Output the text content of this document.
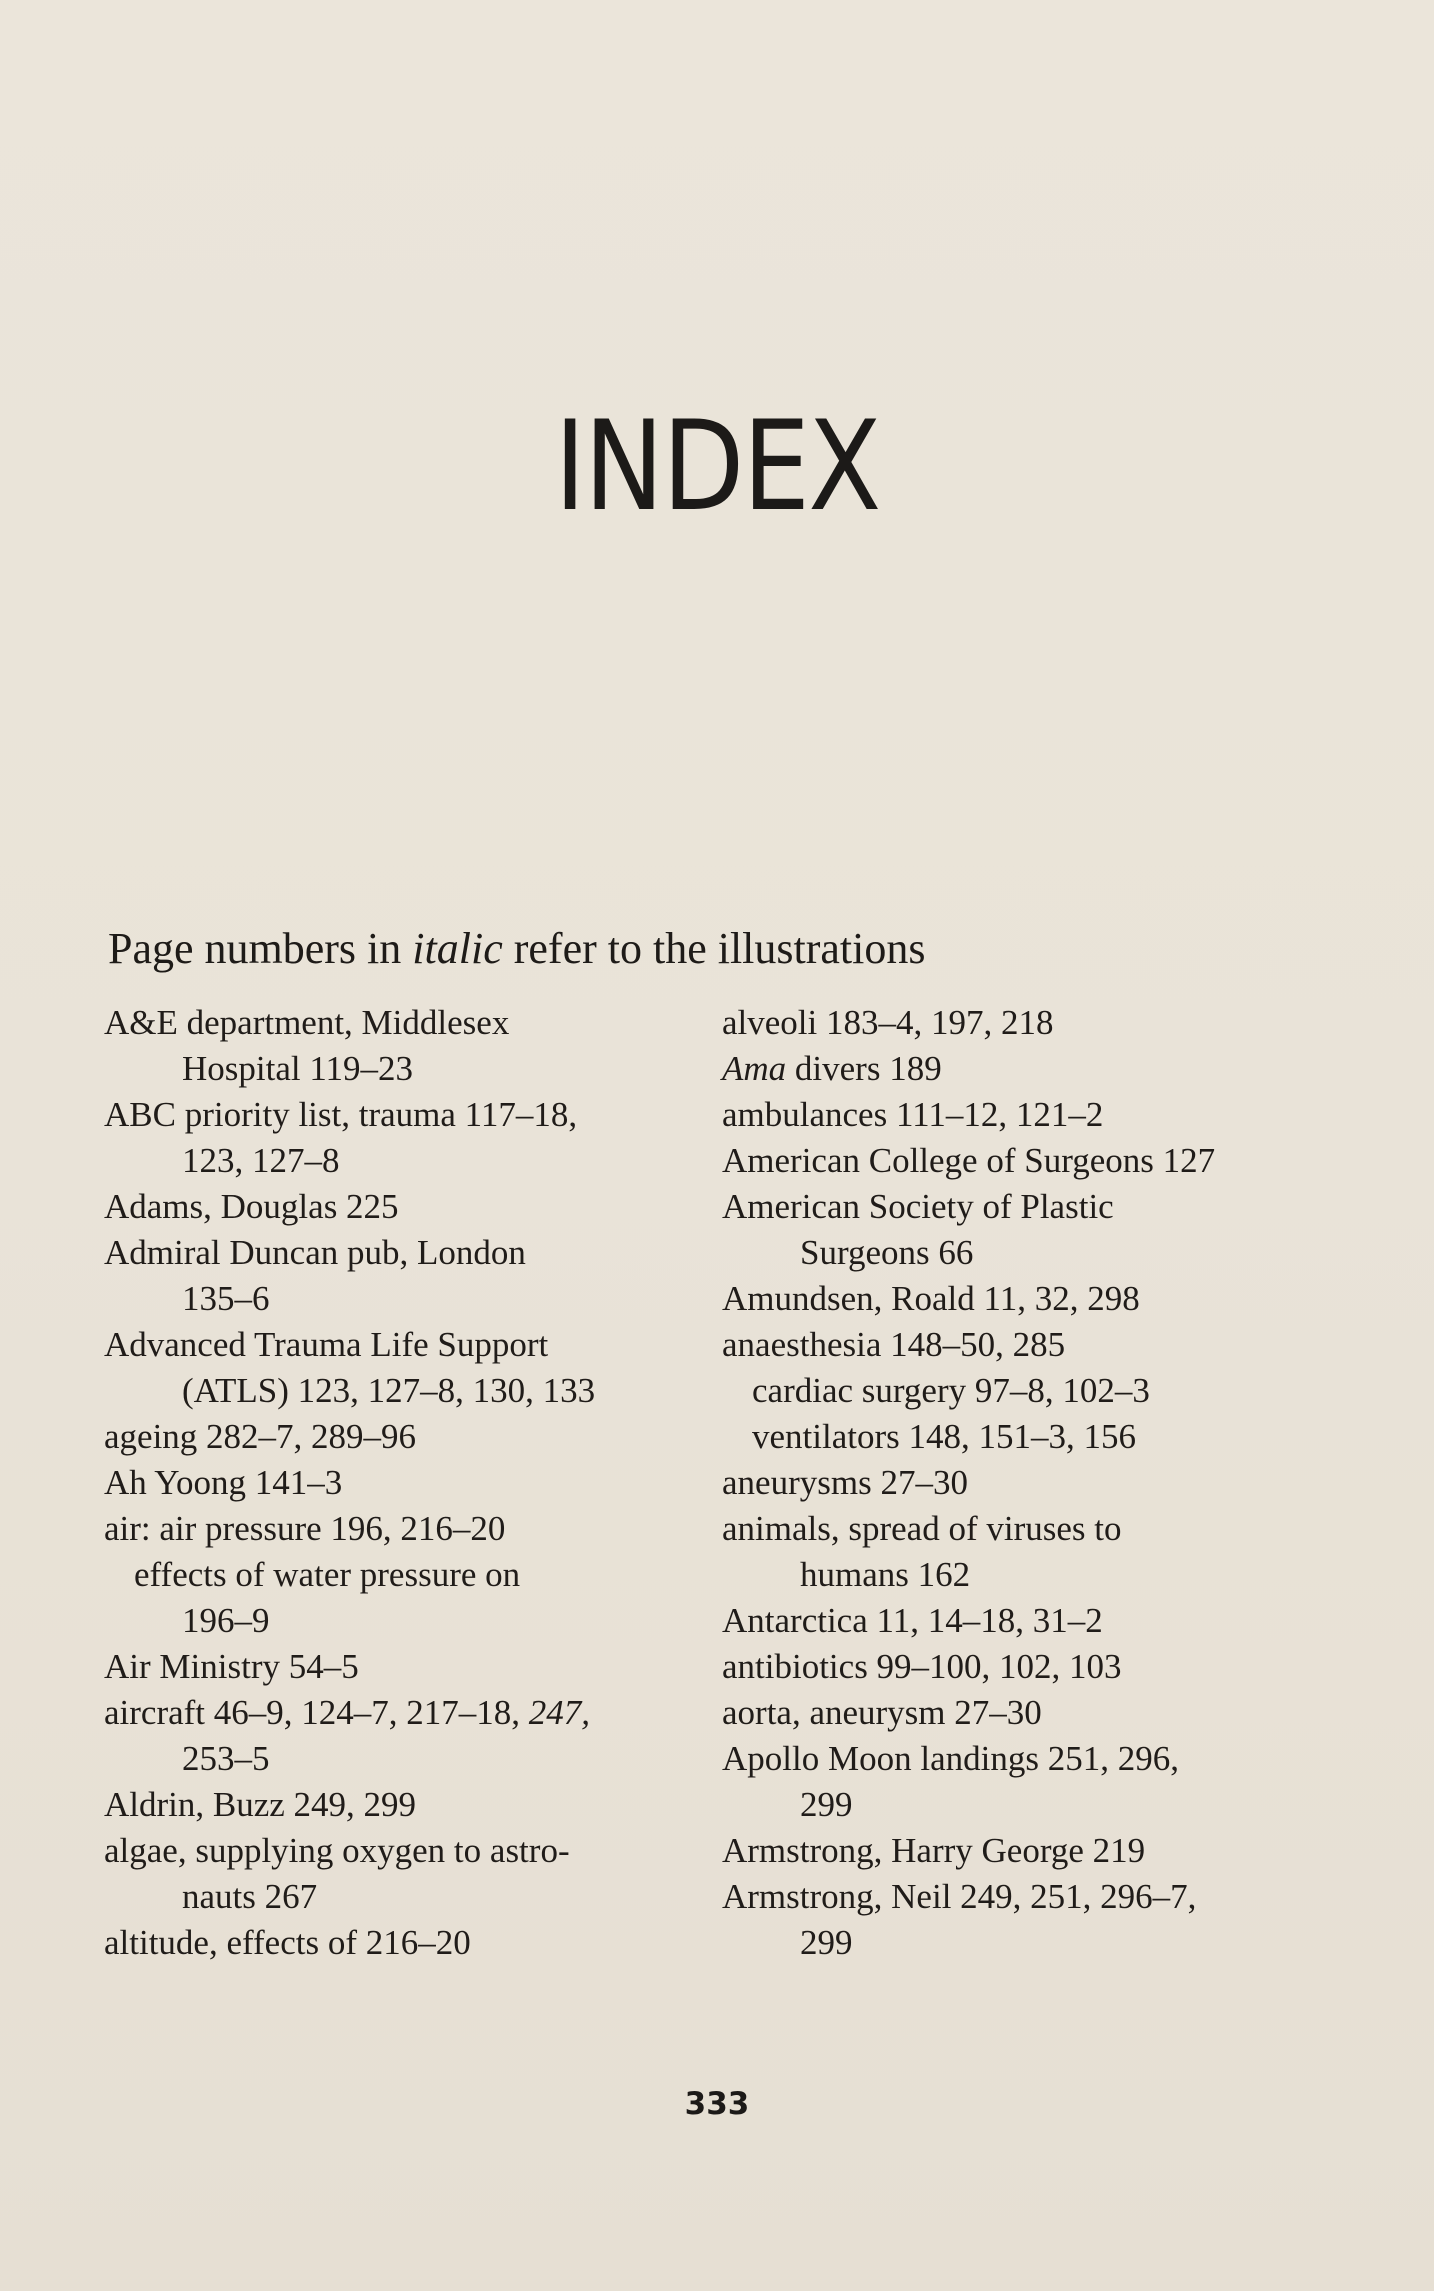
INDEX
Page numbers in italic refer to the illustrations
A&E department, Middlesex
Hospital 119–23
ABC priority list, trauma 117–18,
123, 127–8
Adams, Douglas 225
Admiral Duncan pub, London
135–6
Advanced Trauma Life Support
(ATLS) 123, 127–8, 130, 133
ageing 282–7, 289–96
Ah Yoong 141–3
air: air pressure 196, 216–20
effects of water pressure on
196–9
Air Ministry 54–5
aircraft 46–9, 124–7, 217–18, 247,
253–5
Aldrin, Buzz 249, 299
algae, supplying oxygen to astro-
nauts 267
altitude, effects of 216–20
alveoli 183–4, 197, 218
Ama divers 189
ambulances 111–12, 121–2
American College of Surgeons 127
American Society of Plastic
Surgeons 66
Amundsen, Roald 11, 32, 298
anaesthesia 148–50, 285
cardiac surgery 97–8, 102–3
ventilators 148, 151–3, 156
aneurysms 27–30
animals, spread of viruses to
humans 162
Antarctica 11, 14–18, 31–2
antibiotics 99–100, 102, 103
aorta, aneurysm 27–30
Apollo Moon landings 251, 296,
299
Armstrong, Harry George 219
Armstrong, Neil 249, 251, 296–7,
299
333
